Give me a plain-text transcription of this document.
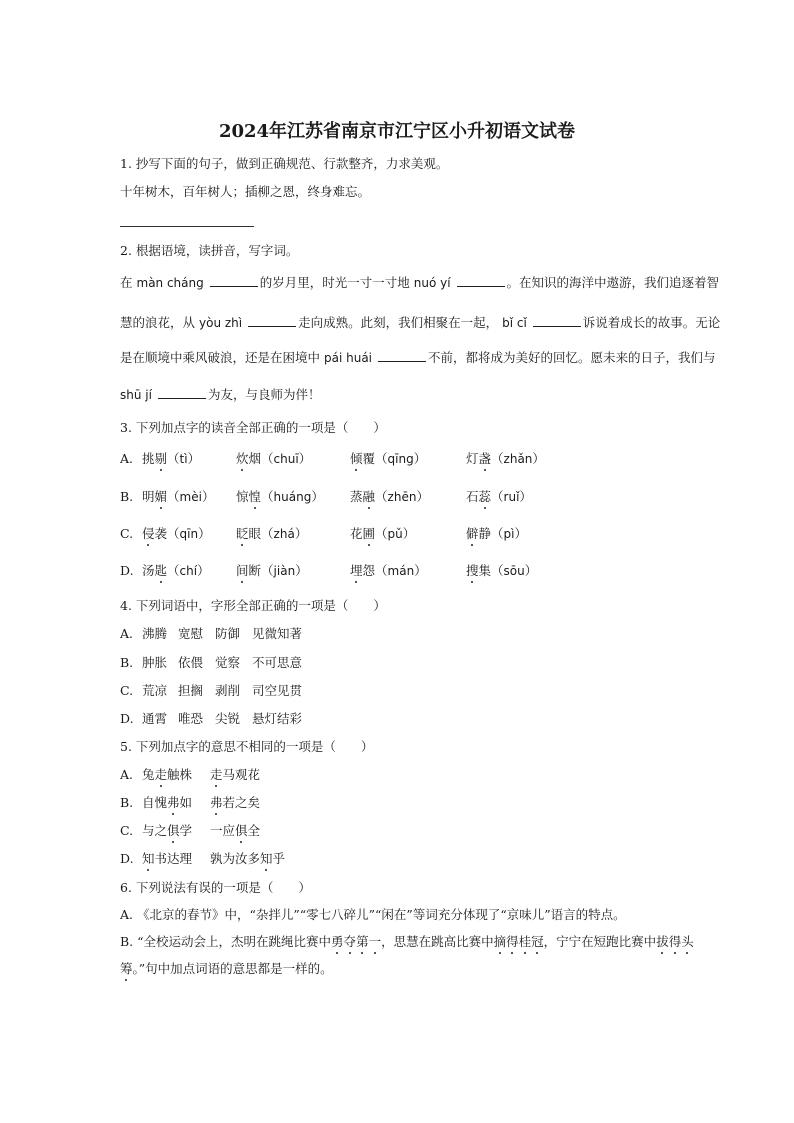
2024年江苏省南京市江宁区小升初语文试卷
1. 抄写下面的句子，做到正确规范、行款整齐，力求美观。
十年树木，百年树人；插柳之恩，终身难忘。
2. 根据语境，读拼音，写字词。
在 màn cháng	的岁月里，时光一寸一寸地 nuó yí	。在知识的海洋中遨游，我们追逐着智
慧的浪花，从 yòu zhì	走向成熟。此刻，我们相聚在一起， bǐ cǐ	诉说着成长的故事。无论
是在顺境中乘风破浪，还是在困境中 pái huái	不前，都将成为美好的回忆。愿未来的日子，我们与
shū jí	为友，与良师为伴！
3. 下列加点字的读音全部正确的一项是（　　）
A. 挑剔（tì）	炊烟（chuī）	倾覆（qīng）	灯盏（zhǎn）
B. 明媚（mèi） 惊惶（huáng） 蒸融（zhēn）	石蕊（ruǐ）
C. 侵袭（qīn） 眨眼（zhá）	花圃（pǔ）	僻静（pì）
D. 汤匙（chí） 间断（jiàn）	埋怨（mán）	搜集（sōu）
4. 下列词语中，字形全部正确的一项是（　　）
A. 沸腾 宽慰 防御 见微知著
B. 肿胀 依偎 觉察 不可思意
C. 荒凉 担搁 剥削 司空见贯
D. 通霄 唯恐 尖锐 悬灯结彩
5. 下列加点字的意思不相同的一项是（　　）
A. 兔走触株 走马观花
B. 自愧弗如 弗若之矣
C. 与之俱学 一应俱全
D. 知书达理 孰为汝多知乎
6. 下列说法有误的一项是（　　）
A. 《北京的春节》中，“杂拌儿”“零七八碎儿”“闲在”等词充分体现了“京味儿”语言的特点。
B. “全校运动会上，杰明在跳绳比赛中勇夺第一，思慧在跳高比赛中摘得桂冠，宁宁在短跑比赛中拔得头
筹。”句中加点词语的意思都是一样的。
